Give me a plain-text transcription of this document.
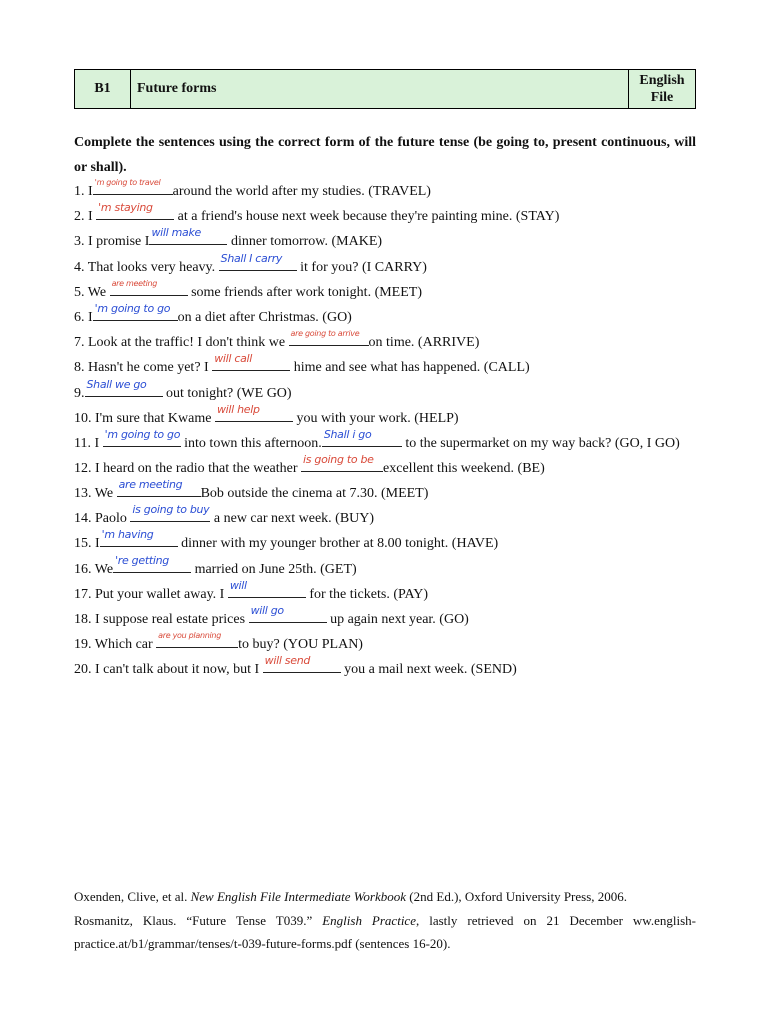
B1	Future forms
English
File
Complete the sentences using the correct form of the future tense (be going to, present continuous, will or shall).
1. I
'm going to travel
around the world after my studies. (TRAVEL)
2. I
'm staying
at a friend's house next week because they're painting mine. (STAY)
3. I promise I
will make
dinner tomorrow. (MAKE)
4. That looks very heavy.
Shall I carry
it for you? (I CARRY)
5. We
are meeting
some friends after work tonight. (MEET)
6. I
'm going to go
on a diet after Christmas. (GO)
7. Look at the traffic! I don't think we
are going to arrive
on time. (ARRIVE)
8. Hasn't he come yet? I
will call
hime and see what has happened. (CALL)
9.
Shall we go
out tonight? (WE GO)
10. I'm sure that Kwame
will help
you with your work. (HELP)
11. I
'm going to go
into town this afternoon.
Shall i go
to the supermarket on my way back? (GO, I GO)
12. I heard on the radio that the weather
is going to be
excellent this weekend. (BE)
13. We
are meeting
Bob outside the cinema at 7.30. (MEET)
14. Paolo
is going to buy
a new car next week. (BUY)
15. I
'm having
dinner with my younger brother at 8.00 tonight. (HAVE)
16. We
're getting
married on June 25th. (GET)
17. Put your wallet away. I
will
for the tickets. (PAY)
18. I suppose real estate prices
will go
up again next year. (GO)
19. Which car
are you planning
to buy? (YOU PLAN)
20. I can't talk about it now, but I
will send
you a mail next week. (SEND)
Oxenden, Clive, et al. New English File Intermediate Workbook (2nd Ed.), Oxford University Press, 2006.
Rosmanitz, Klaus. “Future Tense T039.” English Practice, lastly retrieved on 21 December ww.english-practice.at/b1/grammar/tenses/t-039-future-forms.pdf (sentences 16-20).
